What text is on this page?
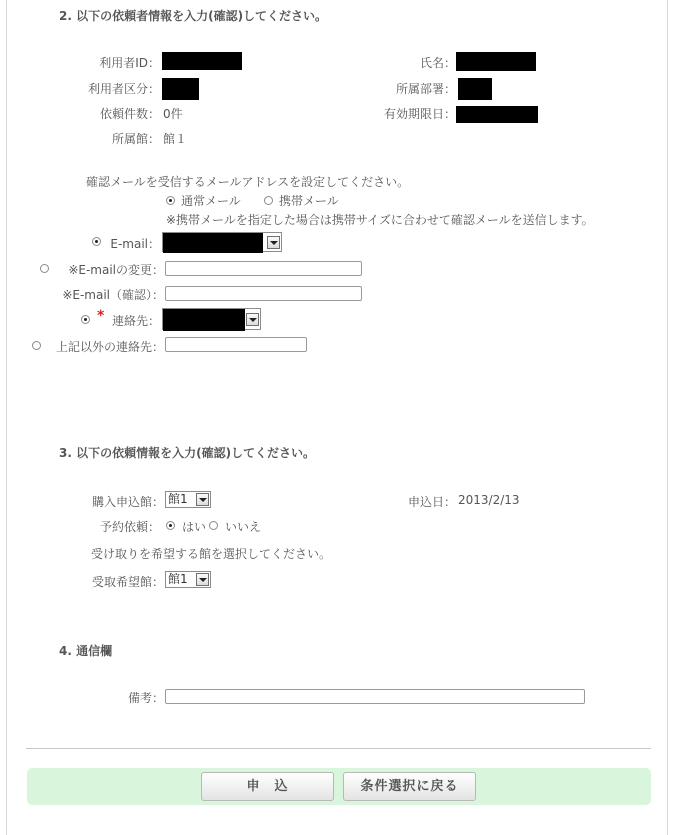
2. 以下の依頼者情報を入力(確認)してください。
利用者ID：	氏名：
利用者区分：	所属部署：
依頼件数： 0件	有効期限日：
所属館： 館１
確認メールを受信するメールアドレスを設定してください。
通常メール	携帯メール
※携帯メールを指定した場合は携帯サイズに合わせて確認メールを送信します。
E-mail：
※E-mailの変更：
※E-mail（確認）：
* 連絡先：
上記以外の連絡先：
3. 以下の依頼情報を入力(確認)してください。
購入申込館： 館1	申込日： 2013/2/13
予約依頼： はい いいえ
受け取りを希望する館を選択してください。
受取希望館： 館1
4. 通信欄
備考：
申　込	条件選択に戻る
